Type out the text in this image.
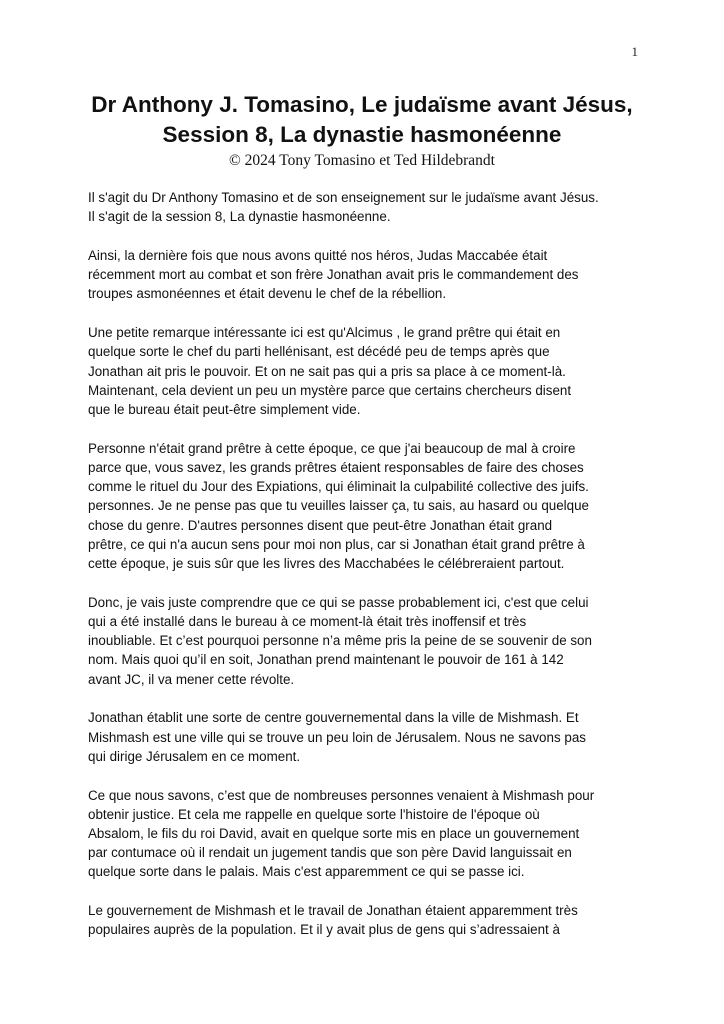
1
Dr Anthony J. Tomasino, Le judaïsme avant Jésus,
Session 8, La dynastie hasmonéenne
© 2024 Tony Tomasino et Ted Hildebrandt

Il s'agit du Dr Anthony Tomasino et de son enseignement sur le judaïsme avant Jésus.
Il s'agit de la session 8, La dynastie hasmonéenne.

Ainsi, la dernière fois que nous avons quitté nos héros, Judas Maccabée était
récemment mort au combat et son frère Jonathan avait pris le commandement des
troupes asmonéennes et était devenu le chef de la rébellion.

Une petite remarque intéressante ici est qu'Alcimus , le grand prêtre qui était en
quelque sorte le chef du parti hellénisant, est décédé peu de temps après que
Jonathan ait pris le pouvoir. Et on ne sait pas qui a pris sa place à ce moment-là.
Maintenant, cela devient un peu un mystère parce que certains chercheurs disent
que le bureau était peut-être simplement vide.

Personne n'était grand prêtre à cette époque, ce que j'ai beaucoup de mal à croire
parce que, vous savez, les grands prêtres étaient responsables de faire des choses
comme le rituel du Jour des Expiations, qui éliminait la culpabilité collective des juifs.
personnes. Je ne pense pas que tu veuilles laisser ça, tu sais, au hasard ou quelque
chose du genre. D'autres personnes disent que peut-être Jonathan était grand
prêtre, ce qui n'a aucun sens pour moi non plus, car si Jonathan était grand prêtre à
cette époque, je suis sûr que les livres des Macchabées le célébreraient partout.

Donc, je vais juste comprendre que ce qui se passe probablement ici, c'est que celui
qui a été installé dans le bureau à ce moment-là était très inoffensif et très
inoubliable. Et c’est pourquoi personne n’a même pris la peine de se souvenir de son
nom. Mais quoi qu’il en soit, Jonathan prend maintenant le pouvoir de 161 à 142
avant JC, il va mener cette révolte.

Jonathan établit une sorte de centre gouvernemental dans la ville de Mishmash. Et
Mishmash est une ville qui se trouve un peu loin de Jérusalem. Nous ne savons pas
qui dirige Jérusalem en ce moment.

Ce que nous savons, c’est que de nombreuses personnes venaient à Mishmash pour
obtenir justice. Et cela me rappelle en quelque sorte l'histoire de l'époque où
Absalom, le fils du roi David, avait en quelque sorte mis en place un gouvernement
par contumace où il rendait un jugement tandis que son père David languissait en
quelque sorte dans le palais. Mais c'est apparemment ce qui se passe ici.

Le gouvernement de Mishmash et le travail de Jonathan étaient apparemment très
populaires auprès de la population. Et il y avait plus de gens qui s’adressaient à
